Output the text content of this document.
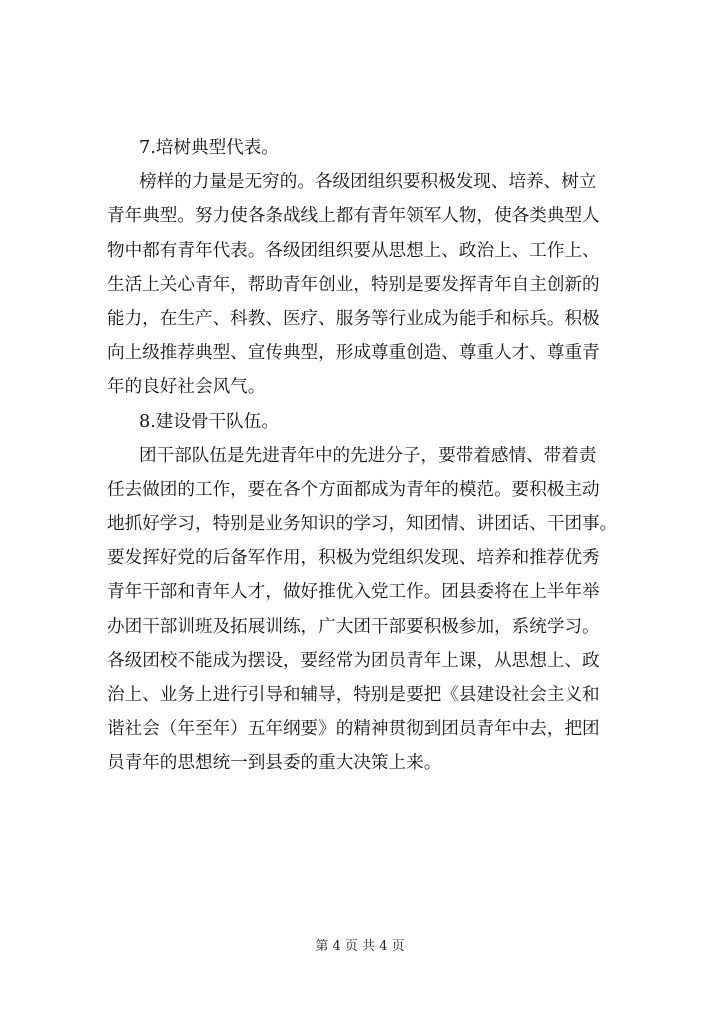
7.培树典型代表。
榜样的力量是无穷的。各级团组织要积极发现、培养、树立
青年典型。努力使各条战线上都有青年领军人物，使各类典型人
物中都有青年代表。各级团组织要从思想上、政治上、工作上、
生活上关心青年，帮助青年创业，特别是要发挥青年自主创新的
能力，在生产、科教、医疗、服务等行业成为能手和标兵。积极
向上级推荐典型、宣传典型，形成尊重创造、尊重人才、尊重青
年的良好社会风气。
8.建设骨干队伍。
团干部队伍是先进青年中的先进分子，要带着感情、带着责
任去做团的工作，要在各个方面都成为青年的模范。要积极主动
地抓好学习，特别是业务知识的学习，知团情、讲团话、干团事。
要发挥好党的后备军作用，积极为党组织发现、培养和推荐优秀
青年干部和青年人才，做好推优入党工作。团县委将在上半年举
办团干部训班及拓展训练，广大团干部要积极参加，系统学习。
各级团校不能成为摆设，要经常为团员青年上课，从思想上、政
治上、业务上进行引导和辅导，特别是要把《县建设社会主义和
谐社会（年至年）五年纲要》的精神贯彻到团员青年中去，把团
员青年的思想统一到县委的重大决策上来。
第 4 页 共 4 页
